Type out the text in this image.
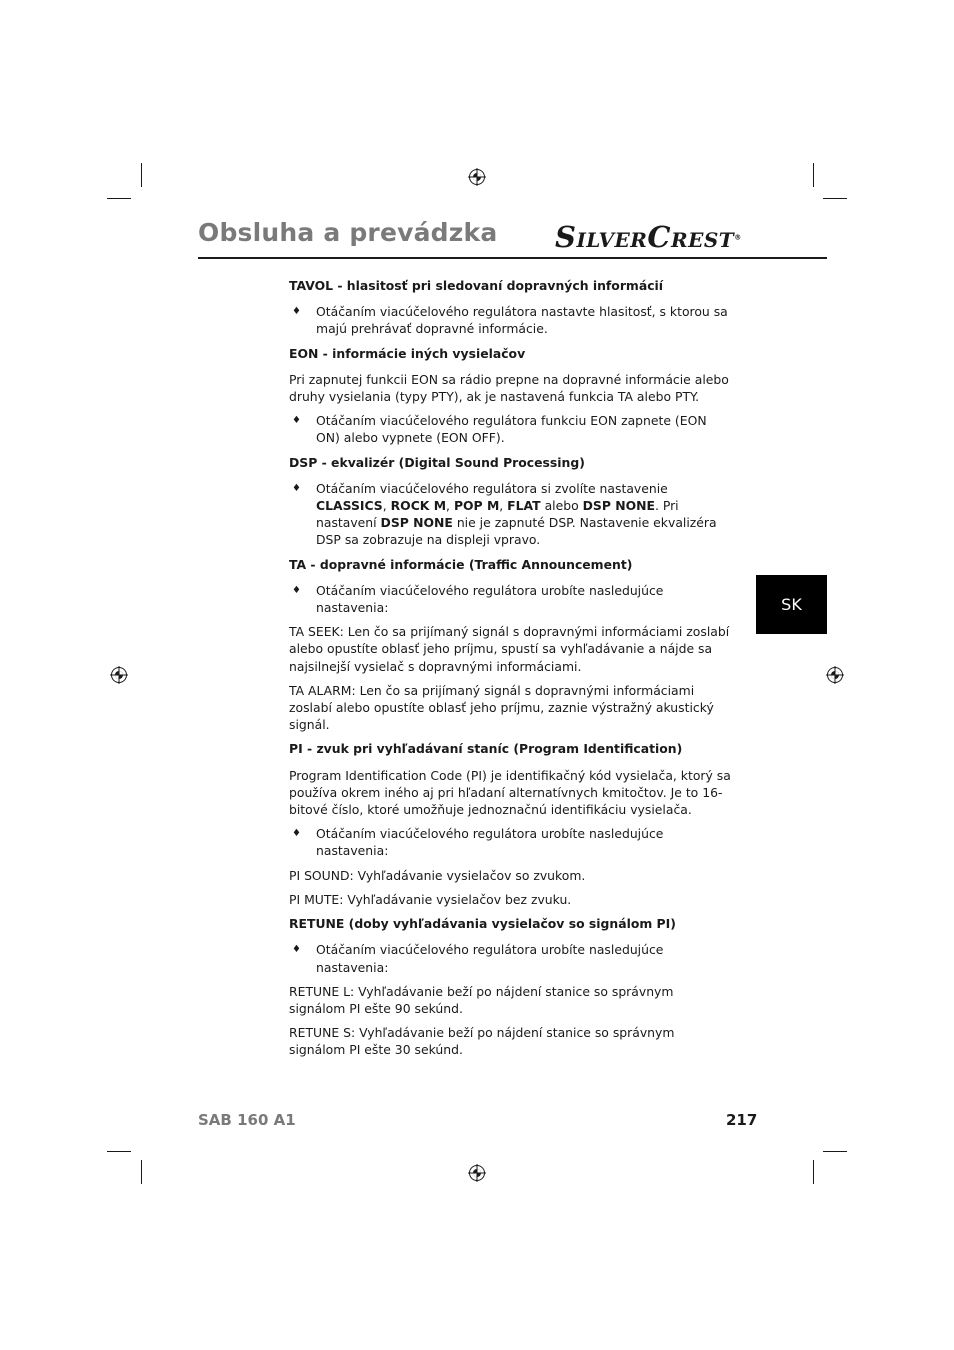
Obsluha a prevádzka SILVERCREST®
SK
TAVOL - hlasitosť pri sledovaní dopravných informácií
♦	Otáčaním viacúčelového regulátora nastavte hlasitosť, s ktorou sa majú prehrávať dopravné informácie.
EON - informácie iných vysielačov
Pri zapnutej funkcii EON sa rádio prepne na dopravné informácie alebo druhy vysielania (typy PTY), ak je nastavená funkcia TA alebo PTY.
♦	Otáčaním viacúčelového regulátora funkciu EON zapnete (EON ON) alebo vypnete (EON OFF).
DSP - ekvalizér (Digital Sound Processing)
♦	Otáčaním viacúčelového regulátora si zvolíte nastavenie CLASSICS, ROCK M, POP M, FLAT alebo DSP NONE. Pri nastavení DSP NONE nie je zapnuté DSP. Nastavenie ekvalizéra DSP sa zobrazuje na displeji vpravo.
TA - dopravné informácie (Traffic Announcement)
♦	Otáčaním viacúčelového regulátora urobíte nasledujúce nastavenia:
TA SEEK: Len čo sa prijímaný signál s dopravnými informáciami zoslabí alebo opustíte oblasť jeho príjmu, spustí sa vyhľadávanie a nájde sa najsilnejší vysielač s dopravnými informáciami.
TA ALARM: Len čo sa prijímaný signál s dopravnými informáciami zoslabí alebo opustíte oblasť jeho príjmu, zaznie výstražný akustický signál.
PI - zvuk pri vyhľadávaní staníc (Program Identification)
Program Identification Code (PI) je identifikačný kód vysielača, ktorý sa používa okrem iného aj pri hľadaní alternatívnych kmitočtov. Je to 16-bitové číslo, ktoré umožňuje jednoznačnú identifikáciu vysielača.
♦	Otáčaním viacúčelového regulátora urobíte nasledujúce nastavenia:
PI SOUND: Vyhľadávanie vysielačov so zvukom.
PI MUTE: Vyhľadávanie vysielačov bez zvuku.
RETUNE (doby vyhľadávania vysielačov so signálom PI)
♦	Otáčaním viacúčelového regulátora urobíte nasledujúce nastavenia:
RETUNE L: Vyhľadávanie beží po nájdení stanice so správnym signálom PI ešte 90 sekúnd.
RETUNE S: Vyhľadávanie beží po nájdení stanice so správnym signálom PI ešte 30 sekúnd.
SAB 160 A1	217
